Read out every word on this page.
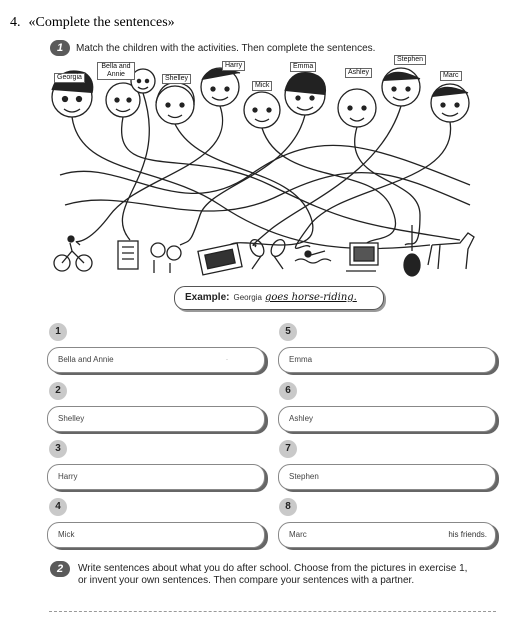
4. «Complete the sentences»
1	Match the children with the activities. Then complete the sentences.
Georgia
Bella and Annie
Shelley
Harry
Mick
Emma
Ashley
Stephen
Marc
Example: Georgia goes horse-riding.
1
Bella and Annie	·
2
Shelley
3
Harry
4
Mick
5
Emma
6
Ashley
7
Stephen
8
Marc	his friends.
2	Write sentences about what you do after school. Choose from the pictures in exercise 1,
or invent your own sentences. Then compare your sentences with a partner.
